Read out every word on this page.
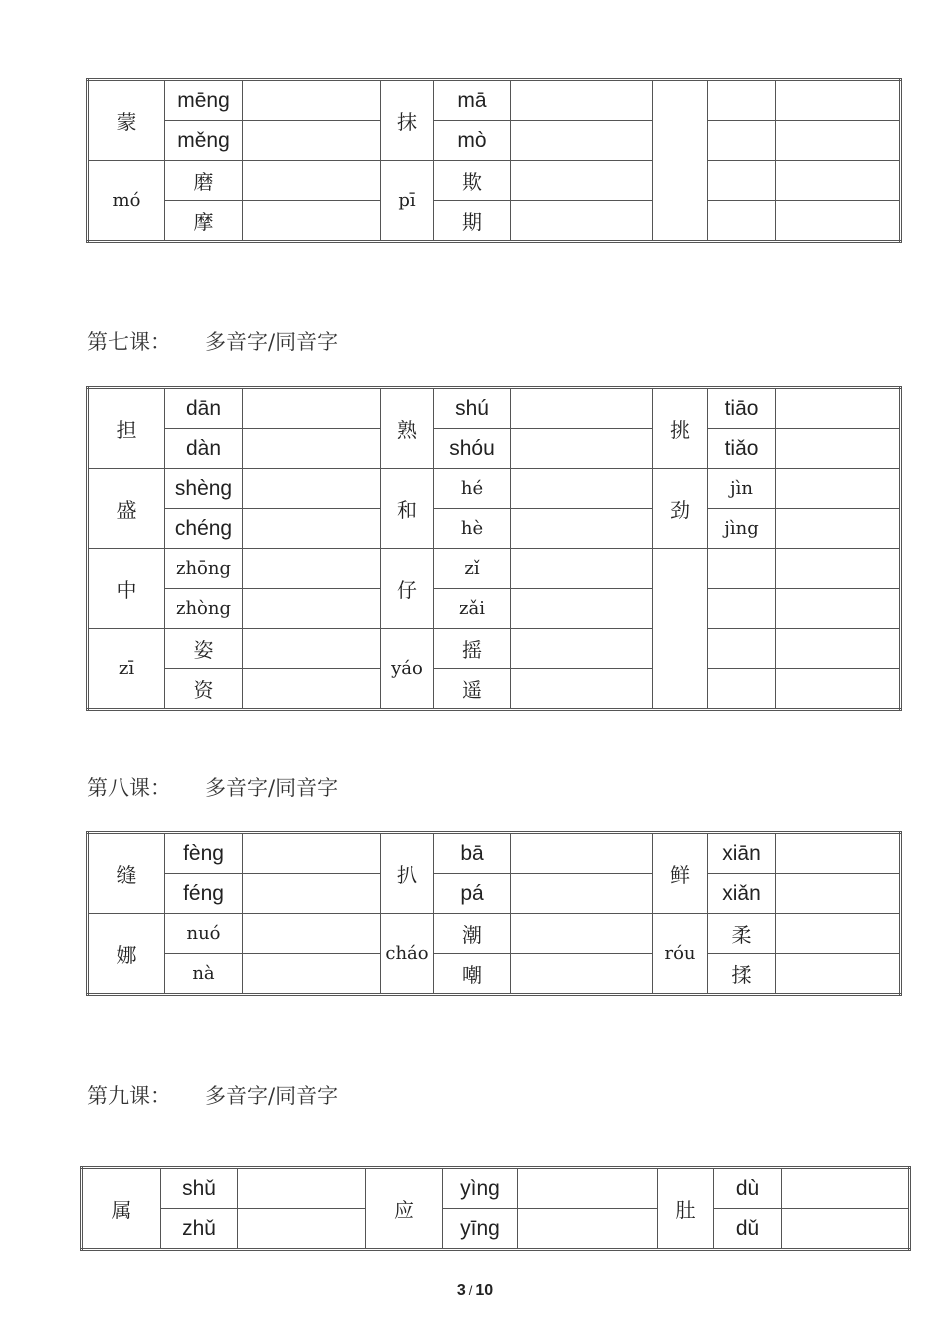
蒙	mēng		抹	mā				
	měng			mò				
mó	磨		pī	欺				
	摩			期				
第七课： 多音字/同音字
担	dān		熟	shú		挑	tiāo	
	dàn			shóu			tiǎo	
盛	shèng		和	hé		劲	jìn	
	chéng			hè			jìng	
中	zhōng		仔	zǐ				
	zhòng			zǎi				
zī	姿		yáo	摇				
	资			遥				
第八课： 多音字/同音字
缝	fèng		扒	bā		鲜	xiān	
	féng			pá			xiǎn	
娜	nuó		cháo	潮		róu	柔	
	nà			嘲			揉	
第九课： 多音字/同音字
属	shǔ		应	yìng		肚	dù	
	zhǔ			yīng			dǔ	
3 / 10
